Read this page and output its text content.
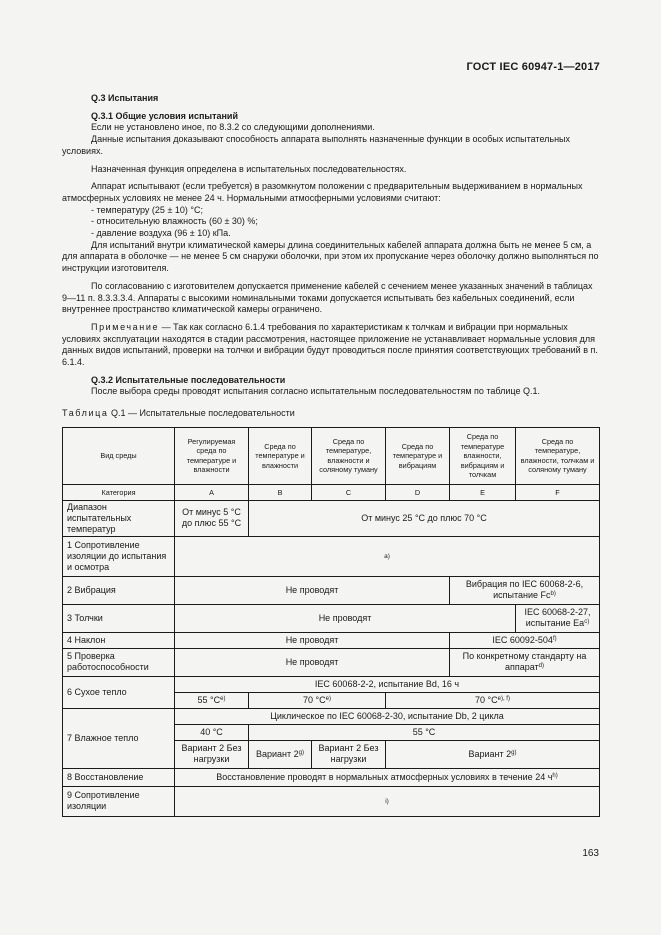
ГОСТ IEC 60947-1—2017

Q.3 Испытания

Q.3.1 Общие условия испытаний

Если не установлено иное, по 8.3.2 со следующими дополнениями.

Данные испытания доказывают способность аппарата выполнять назначенные функции в особых испытательных условиях.

Назначенная функция определена в испытательных последовательностях.

Аппарат испытывают (если требуется) в разомкнутом положении с предварительным выдерживанием в нормальных атмосферных условиях не менее 24 ч. Нормальными атмосферными условиями считают:

- температуру (25 ± 10) °C;

- относительную влажность (60 ± 30) %;

- давление воздуха (96 ± 10) кПа.

Для испытаний внутри климатической камеры длина соединительных кабелей аппарата должна быть не менее 5 см, а для аппарата в оболочке — не менее 5 см снаружи оболочки, при этом их пропускание через оболочку должно выполняться по инструкции изготовителя.

По согласованию с изготовителем допускается применение кабелей с сечением менее указанных значений в таблицах 9—11 п. 8.3.3.3.4. Аппараты с высокими номинальными токами допускается испытывать без кабельных соединений, если внутреннее пространство климатической камеры ограничено.

Примечание — Так как согласно 6.1.4 требования по характеристикам к толчкам и вибрации при нормальных условиях эксплуатации находятся в стадии рассмотрения, настоящее приложение не устанавливает нормальные условия для данных видов испытаний, проверки на толчки и вибрации будут проводиться после принятия соответствующих требований в п. 6.1.4.

Q.3.2 Испытательные последовательности

После выбора среды проводят испытания согласно испытательным последовательностям по таблице Q.1.

Таблица Q.1 — Испытательные последовательности

Вид среды	Регулируемая среда по температуре и влажности	Среда по температуре и влажности	Среда по температуре, влажности и соляному туману	Среда по температуре и вибрациям	Среда по температуре влажности, вибрациям и толчкам	Среда по температуре, влажности, толчкам и соляному туману
Категория	A	B	C	D	E	F
Диапазон испытательных температур	От минус 5 °C до плюс 55 °C	От минус 25 °C до плюс 70 °C				
1 Сопротивление изоляции до испытания и осмотра	a)					
2 Вибрация	Не проводят				Вибрация по IEC 60068-2-6, испытание Fc$^{b)}$
3 Толчки	Не проводят					IEC 60068-2-27, испытание Ea$^{c)}$
4 Наклон	Не проводят				IEC 60092-504$^{f)}$
5 Проверка работоспособности	Не проводят				По конкретному стандарту на аппарат$^{d)}$
6 Сухое тепло	IEC 60068-2-2, испытание Bd, 16 ч					
	55 $^\circ C^{e)}$	70 $^\circ C^{e)}$		70 $^\circ C^{e), f)}$
7 Влажное тепло	Циклическое по IEC 60068-2-30, испытание Db, 2 цикла					
	40 °C	55 °C				
	Вариант 2 Без нагрузки	Вариант 2$^{g)}$	Вариант 2 Без нагрузки	Вариант 2$^{g)}$
8 Восстановление	Восстановление проводят в нормальных атмосферных условиях в течение 24 $ч^{h)}$
9 Сопротивление изоляции	i)					
163
